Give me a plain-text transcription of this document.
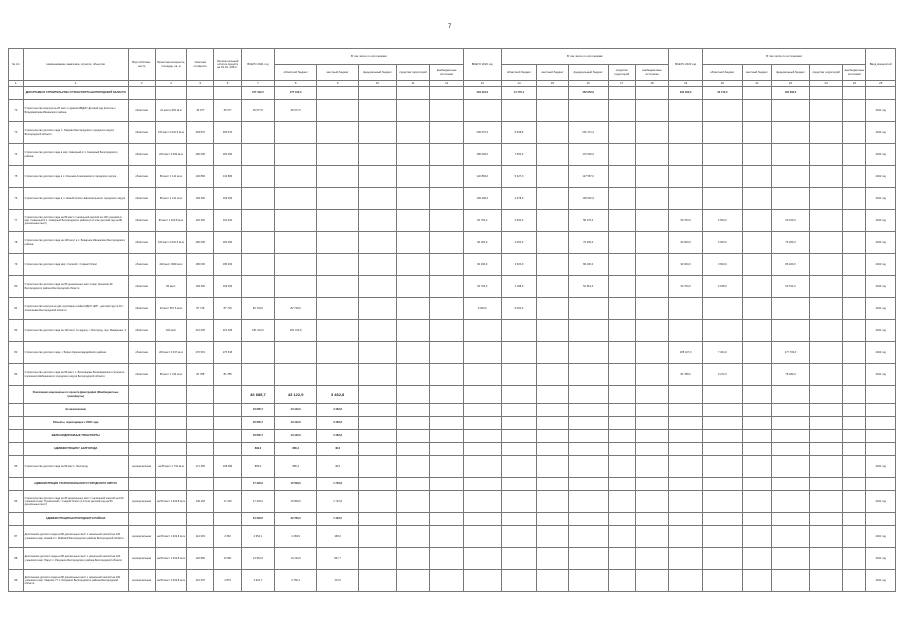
7
№ п/п	Наименование заказчика, отрасли, объектов	Вид собствен-ности	Проектная мощность, площадь, кв. м	Сметная стоимость	Оконча-тельный остаток средств на 01.01. 2021 г.	ВСЕГО 2021 год	В том числе по источникам:					ВСЕГО 2022 год	В том числе по источникам:					ВСЕГО 2023 год	В том числе по источникам:					Ввод мощностей
							областной бюджет	местный бюджет	федеральный бюджет	средства территорий	внебюджетные источники		областной бюджет	местный бюджет	федеральный бюджет	средства территорий	внебюджетные источники		областной бюджет	местный бюджет	федеральный бюджет	средства территорий	внебюджетные источники	
1	2	3	4	5	6	7	8	9	10	11	12	13	14	15	16	17	18	19	20	21	22	23	24	25
	ДЕПАРТАМЕНТ СТРОИТЕЛЬСТВА И ТРАНСПОРТА БЕЛГОРОДСКОЙ ОБЛАСТИ					277 162,0	277 162,0					494 424,0	41 770,4		452 653,6			224 290,0	32 170,0		192 060,0			
72	Строительство корпуса на 25 мест и здания МБДОУ Детский сад Колосок с. Владимировка Ивнянского района	областная	21 место 453 кв.м	35 077	35 077	35 077,0	35 077,0																	2021 год
73	Строительство детского сада п. Таврово Белгородского городского округа Белгородской области	областная	160 мест 2 001,5 кв.м	209 570	209 570							209 570,0	8 398,8		201 171,2									2022 год
74	Строительство детского сада в мкр. Северный-2 п. Северный Белгородского района	областная	220 мест 3 299 кв.м	180 000	180 000							180 000,0	7 500,0		172 500,0									2022 год
75	Строительство детского сада в с. Ильинка Алексеевского городского округа	областная	80 мест 1 114 кв.м	132 884	132 884							132 884,0	5 327,0		127 557,0									2022 год
76	Строительство детского сада в п. Новый Оскол Новооскольского городского округа	областная	80 мест 1 141 кв.м	109 400	109 400							109 400,0	4 378,0		105 022,0									2021 год
77	Строительство детского сада на 80 мест с начальной школой на 100 учеников в мкр. Северный-2 п. Северный Белгородского района (1-й этап детский сад на 80 дошкольных мест)	областная	80 мест 1 623,8 кв.м	120 400	120 400							60 700,0	2 530,0		58 170,0			59 700,0	2 500,0		60 150,0			2023 год
78	Строительство детского сада на 100 мест в с. Бокарное Ивнянского Белгородского района	областная	160 мест 2 001,5 кв.м	180 000	180 000							90 000,0	4 000,0		76 000,0			90 000,0	4 000,0		76 000,0			2023 год
79	Строительство детского сада мкр. Степной г. Старый Оскол	областная	220 мест 3990 кв.м	180 000	180 000							90 000,0	3 600,0		86 400,0			90 000,0	3 600,0		86 400,0			2023 год
80	Строительство детского сада на 80 дошкольных мест в мкр. Крымчик-39 Белгородского района Белгородской области	областная	80 мест	109 400	109 400							54 700,0	2 188,0		52 512,0			54 700,0	2 188,0		52 512,0			2023 год
81	Строительство корпуса на две групповые ячейки МДОУ ЦРР - детский сад № 16 г. Алексеевка Белгородской области	областная	40 мест 567,5 кв.м	87 718	87 718	82 718,0	82 718,0					5 000,0	5 000,0											2021 год
82	Строительство детского сада на 140 мест по адресу: г. Белгород, пер. Макаренко, 3	областная	140 мест	221 625	221 625	181 313,0	181 313,0																	2021 год
83	Строительство детского сада, г. Бирюч Красногвардейского района	областная	200 мест 3 337 кв.м	270 515	270 515													185 107,0	7 404,0		177 703,0			2024 год
84	Строительство детского сада на 80 мест, с. Бочковцевы Бочковцевского сельского поселения Шебекинского городского округа Белгородской области	областная	80 мест 1 744 кв.м	81 788	81 788													81 788,0	3 272,0		78 480,0			2021 год
	Реализация национального проекта Демография (Межбюджетные трансферты)					46 685,7	43 122,9	3 462,8																
	За назначением					46 665,7	43 122,9	3 462,8																
	Объекты, переходящие с 2020 года					46 665,7	43 122,9	3 462,8																
	ЖЕЛЕЗНОДОРОЖНЫЕ ТРАНСПОРТЫ					46 665,7	43 122,9	3 462,8																
	АДМИНИСТРАЦИЯ Г. БЕЛГОРОДА					899,0	886,4	46,6																
85	Строительство детского сада на 80 мест г. Белгород	муниципальная	на 80 мест 1 744 кв.м	171 265	108 992	899,0	886,4	46,6																2021 год
	АДМИНИСТРАЦИЯ СТАРООСКОЛЬСКОГО ГОРОДСКОГО ОКРУГА					17 229,2	15 508,0	1 722,8																
86	Строительство детского сада на 80 дошкольных мест с начальной школой на 100 учеников в мкр. Пушкинский г. Старый Оскол (1-й этап детский сад на 80 дошкольных мест)	муниципальная	на 80 мест 1 623,8 кв.м	140 118	17 229	17 229,2	15 508,0	1 722,8																2021 год
	АДМИНИСТРАЦИЯ БЕЛГОРОДСКОГО РАЙОНА					34 229,5	32 766,0	1 463,5																
87	Дополнение детского сада на 80 дошкольных мест с начальной школой на 100 учеников в мкр. Новый-2 с. Майский Белгородского района Белгородской области	муниципальная	на 80 мест 1 623,8 кв.м	114 003	2 652	2 652,1	2 483,9	168,2																2021 год
88	Дополнение детского сада на 80 дошкольных мест с начальной школой на 100 учеников в мкр. Парус п. Разумное Белгородского района Белгородской области	муниципальная	на 80 мест 1 623,8 кв.м	120 850	13 951	13 951,6	13 133,9	827,7																2021 год
89	Дополнение детского сада на 80 дошкольных мест с начальной школой на 100 учеников в мкр. Уварово-77 п. Разумное Белгородского района Белгородской области	муниципальная	на 80 мест 1 623,8 кв.м	113 375	2 870	2 914,7	2 760,1	172,6																2021 год
